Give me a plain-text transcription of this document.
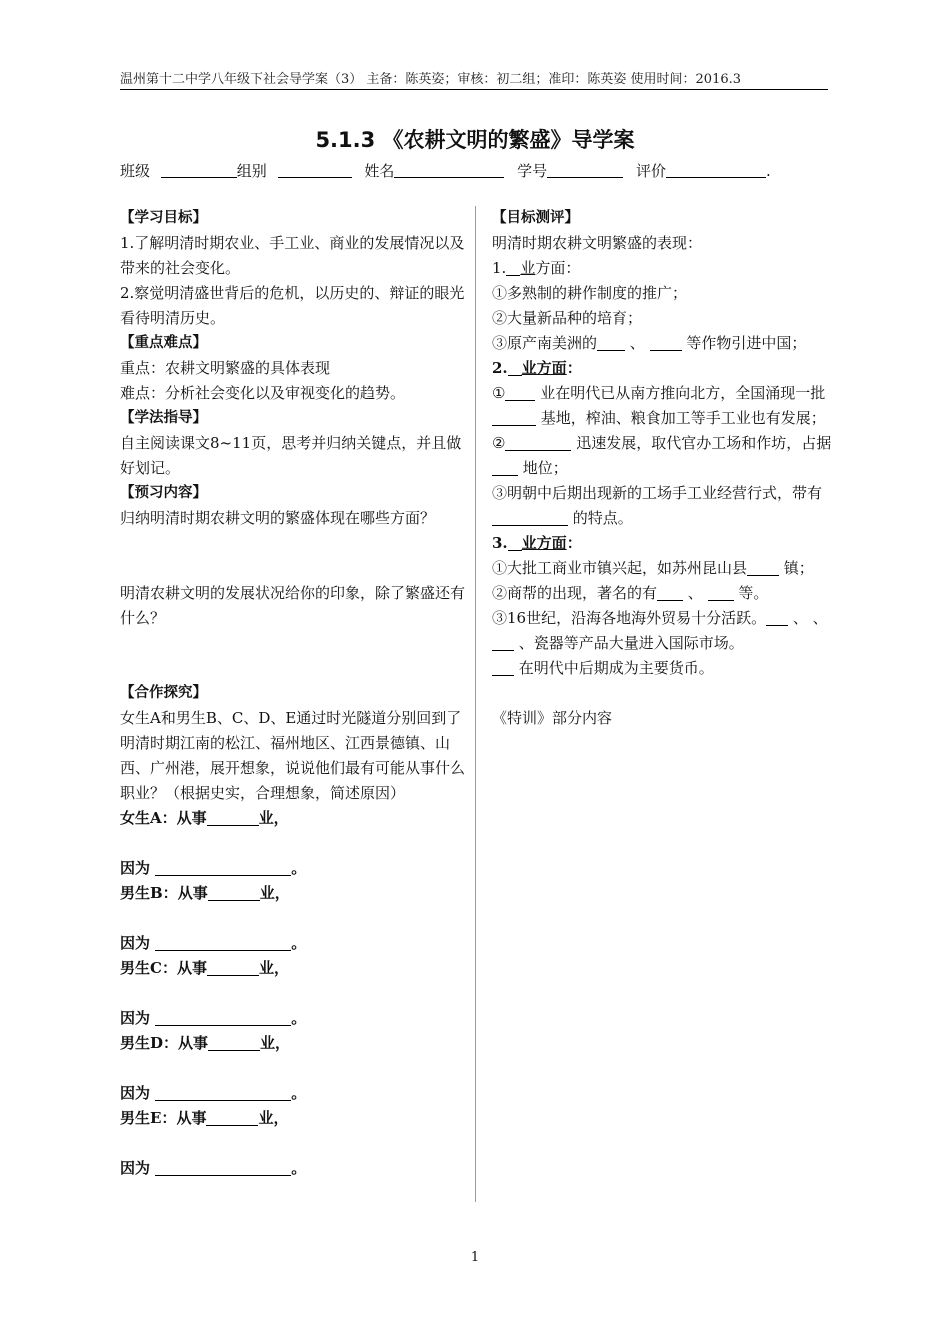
温州第十二中学八年级下社会导学案（3） 主备：陈英姿；审核：初二组；准印：陈英姿 使用时间：2016.3
5.1.3 《农耕文明的繁盛》导学案
班级	组别	姓名	学号	评价	.

【学习目标】

1.了解明清时期农业、手工业、商业的发展情况以及带来的社会变化。

2.察觉明清盛世背后的危机，以历史的、辩证的眼光看待明清历史。

【重点难点】

重点：农耕文明繁盛的具体表现

难点：分析社会变化以及审视变化的趋势。

【学法指导】

自主阅读课文8~11页，思考并归纳关键点，并且做好划记。

【预习内容】

归纳明清时期农耕文明的繁盛体现在哪些方面？

明清农耕文明的发展状况给你的印象，除了繁盛还有什么？

【合作探究】

女生A和男生B、C、D、E通过时光隧道分别回到了明清时期江南的松江、福州地区、江西景德镇、山西、广州港，展开想象，说说他们最有可能从事什么职业？（根据史实，合理想象，简述原因）

女生A：从事	业，

因为	。

男生B：从事	业，

因为	。

男生C：从事	业，

因为	。

男生D：从事	业，

因为	。

男生E：从事	业，

因为	。

【目标测评】

明清时期农耕文明繁盛的表现：

1. 业方面：

①多熟制的耕作制度的推广；

②大量新品种的培育；

③原产南美洲的 、	等作物引进中国；

2. 业方面：

① 业在明代已从南方推向北方，全国涌现一批 基地，榨油、粮食加工等手工业也有发展；

②	迅速发展，取代官办工场和作坊，占据 地位；

③明朝中后期出现新的工场手工业经营行式，带有 的特点。

3. 业方面：

①大批工商业市镇兴起，如苏州昆山县 镇；

②商帮的出现，著名的有 、 等。

③16世纪，沿海各地海外贸易十分活跃。 、 、  、瓷器等产品大量进入国际市场。

在明代中后期成为主要货币。

《特训》部分内容

1
